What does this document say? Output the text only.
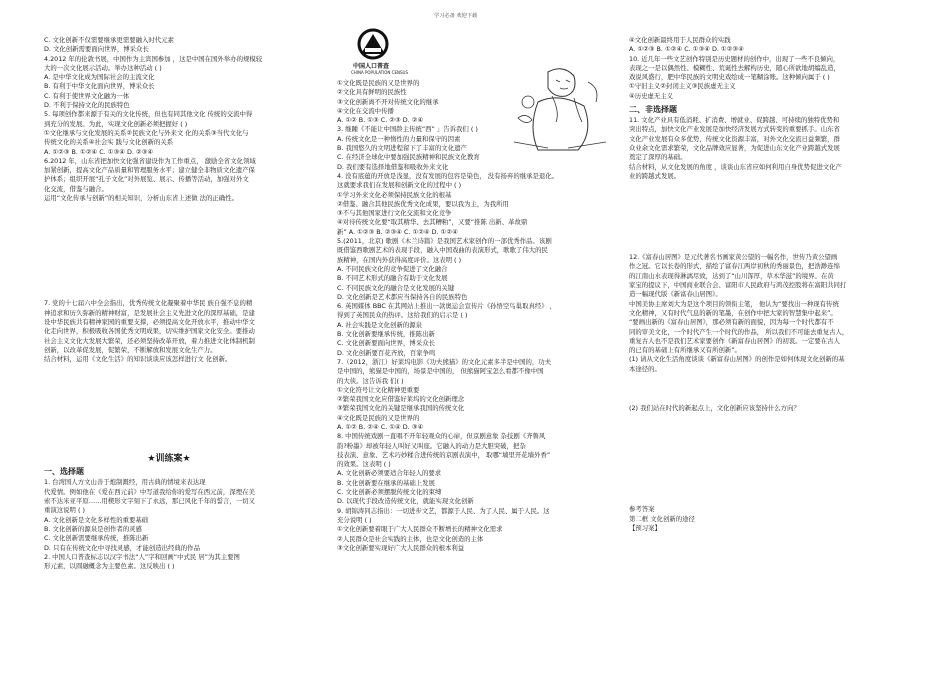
学习必备 欢迎下载
C. 文化创新不仅需要继承更需要融入时代元素
D. 文化创新需要面向世界，博采众长
4.2012 年的伦敦书展，中国作为主宾国参加 ，这是中国在国外举办的规模较
大的一次文化展示活动。举办这种活动 ( )
A. 是中华文化成为国际社会的主流文化
B. 有利于中华文化面向世界，博采众长
C. 有利于使世界文化融为一体
D. 不利于保持文化的民族特色
5. 每项创作都来源于有关的文化传统，但也有同其他文化 传统的交流中得
到充分的发展。为此，实现文化创新必须把握好 ( )
①文化继承与文化发展的关系②民族文化与外来文 化的关系③当代文化与
传统文化的关系④社会实 践与文化创新的关系
A. ①②③ B. ①②④ C. ①③④ D. ②③④
6.2012 年，山东省把加快文化强省建设作为工作重点， 激励全省文化领域
加紧创新，提高文化产品质量和管理服务水平；建立健全非物质文化遗产保
护体系；组织开展“孔子文化”对外展览、展示、传播等活动，加强对外文
化交流，借鉴与融合。
运用“文化传承与创新”的相关知识，分析山东省上述做 法的正确性。
7. 党的十七届六中全会指出，优秀传统文化凝聚着中华民 族自强不息的精
神追求和历久弥新的精神财富，是发展社会主义先进文化的深厚基础，是建
设中华民族共有精神家园的重要支撑，必须提高文化开放水平，推动中华文
化走向世界，积极吸收各国优秀文明成果，切实维护国家文化安全。要推动
社会主义文化大发展大繁荣，还必须坚持改革开放，着力推进文化体制机制
创新，以改革促发展，促繁荣，不断解放和发展文化生产力。
结合材料，运用《文化生活》的知识谈谈应该怎样进行文 化创新。
★训练案★
一、选择题
1. 台湾国人方文山善于炮制溉经，用古典的情境来表达现
代爱情。例如他在《爱在西元前》中写道我给你的爱写在西元前，深埋在美
索不达米亚平原……用楔形文字刻下了永远，那已风化千年的誓言，一切又
重演这说明 ( )
A. 文化创新是文化多样性的重要基础
B. 文化创新的源泉是创作者的灵感
C. 文化创新需要继承传统，推陈出新
D. 只有在传统文化中寻找灵感，才能创造出经典的作品
2. 中国人口普查标志以汉字书法“人”字和回画“中式民 居”为其主要图
形元素，以圆融概念为主要色素。这反映出 ( )
中国人口普查
CHINA POPULATION CENSUS
①文化既是民族的又是世界的
②文化具有鲜明的民族性
③文化创新离不开对传统文化的继承
④文化在交流中传播
A. ①② B. ①③ C. ②③ D. ②④
3. 继踵《不能让中国龄主传统“西” 」告诉我们 ( )
A. 传统文化是一种惰性的力量和保守的因素
B. 我国悠久的文明进程留下了丰富的文化遗产
C. 在经济全球化中要加强民族精神和民族文化教育
D. 我们要有选择地借鉴和吸收外来文化
4. 没有底蕴的开放是浅显，没有发展的包容是染色， 没有扬弃的继承是退化。
这就要求我们在发展和创新文化的过程中 ( )
①学习外来文化必须保持民族文化的根基
②借鉴、融合其他民族优秀文化成果，要以我为主，为我所用
③不与其他国家进行文化交流和文化竞争
④对待传统文化要“取其精华、去其糟粕”，又要“推陈 出新、革故鼎
新” A. ①②③ B. ②③④ C. ①②④ D. ①②④
5.(2011，北京) 歌剧《木兰诗篇》是我国艺术家创作的一部优秀作品。该剧
既借鉴西歌剧艺术的表现手段，融入中国戏曲的表演形式，歌歌了伟大的民
族精神，在国内外获得高度评价。这表明 ( )
A. 不同民族文化的竞争促进了文化融合
B. 不同艺术形式的融合有助于文化发展
C. 不同民族文化的融合是文化发展的关键
D. 文化创新是艺术都应当保持各自的民族特色
6. 英国媒体 BBC 在其网站上推出一款奥运会宣传片《孙悟空鸟巢取真经》 ，
得到了英国民众的热评。这给我们的启示是 ( )
A. 社会实践是文化创新的源泉
B. 文化创新要继承传统，推陈出新
C. 文化创新要面向世界，博采众长
D. 文化创新要百花齐放，百家争鸣
7.（2012，浙江）好莱坞电影《功夫熊猫》的文化元素多半是中国的，功夫
是中国的，熊猫是中国的，场景是中国的， 但熊猫阿宝怎么看都不像中国
的大侠。这告诉我 们( )
①文化符号让文化精神更重要
②繁荣我国文化应借鉴好莱坞的文化创新理念
③繁荣我国文化的关键是继承我国的传统文化
④文化既是民族的又是世界的
A. ①② B. ②④ C. ①④ D. ③④
8. 中国传统戏剧一直唱不开年轻观众的心扉，但京剧意象 杂技剧《齐鲁风
韵?粉墨》却被年轻人叫好又叫座。它融入的动力是大胆突破，把杂
技表演、意象、艺术巧妙糅合进传统的京剧表演中， 取哪“墙里开花墙外香”
的效果。这表明 ( )
A. 文化创新必须要适合年轻人的要求
B. 文化创新要在继承的基础上发展
C. 文化创新必须摆脱传统文化的束缚
D. 以现代手段改造传统文化，就能实现文化创新
9. 胡锦涛同志指出：一切进步文艺，都源于人民、为了人民、属于人民。这
充分说明 ( )
①文化创新要着眼于广大人民群众不断增长的精神文化需求
②人民群众是社会实践的主体，也是文化创造的主体
③文化创新要实现好广大人民群众的根本利益
④文化创新最终用于人民群众的实践
A. ①②③ B. ①②④ C. ①③④ D. ①②③④
10. 近几年一些文艺创作特别是历史题材的创作中，出现了一些不良倾向，
表现之一是以偶然性、模糊性、荒诞性去解构历史，随心所欲地胡编乱造，
戏说风盛行，肥中华民族的文明史戏绘成一笔糊涂账。这种倾向属于 ( )
①守旧主义②封闭主义③民族虚无主义
④历史虚无主义
二、非选择题
11. 文化产业具有低消耗、扩消费、增就业、促跨越、可持续的独特优势和
突出特点，加快文化产业发展是加快经济发展方式转变的重要抓手。山东省
文化产业发展有众多优势，传统文化资源丰富，对外文化交流日益频繁，群
众业余文化需求繁荣，文化品牌效应显著，为促进山东文化产业跨越式发展
奠定了深厚的基础。
结合材料，从文化发展的角度 ，谈谈山东省应如何利用自身优势促进文化产
业的跨越式发展。
12.《富春山居图》是元代著名书画家黄公望的一幅名作，世传乃黄公望画
作之冠。它以长卷的形式，描绘了富春江两岸初秋的秀丽景色，把浩渺连绵
的江南山水表现得淋漓尽致，达到了“山川浑厚，草木华滋”的境界。在黄
家宝的提议下，中国商业联合会、富阳市人民政府与鸿茂控股将在富阳共同打
造一幅现代版《新富春山居图》。
中国美协主席刘大为是这个项目的领衔主笔， 他认为“要找出一种现有传统
文化精神，又有时代气息的新的笔墨，在创作中把大家的智慧集中起来”。
“要画出新的《富春山居图》，那必须有新的面貌，因为每一个时代都有不
同的审美文化，一个时代产生一个时代的作品， 所以我们不可能去重复古人，
重复古人也不是我们艺术家要创作《新富春山居图》的初衷。一定要在古人
的已有的基础上有所继承又有所创新”。
(1) 请从文化生活角度谈谈《新富春山居图》的创作是如何体现文化创新的基
本途径的。
(2) 我们站在时代的新起点上，文化创新应该坚持什么方向？
参考答案
第二框 文化创新的途径
【预习案】
